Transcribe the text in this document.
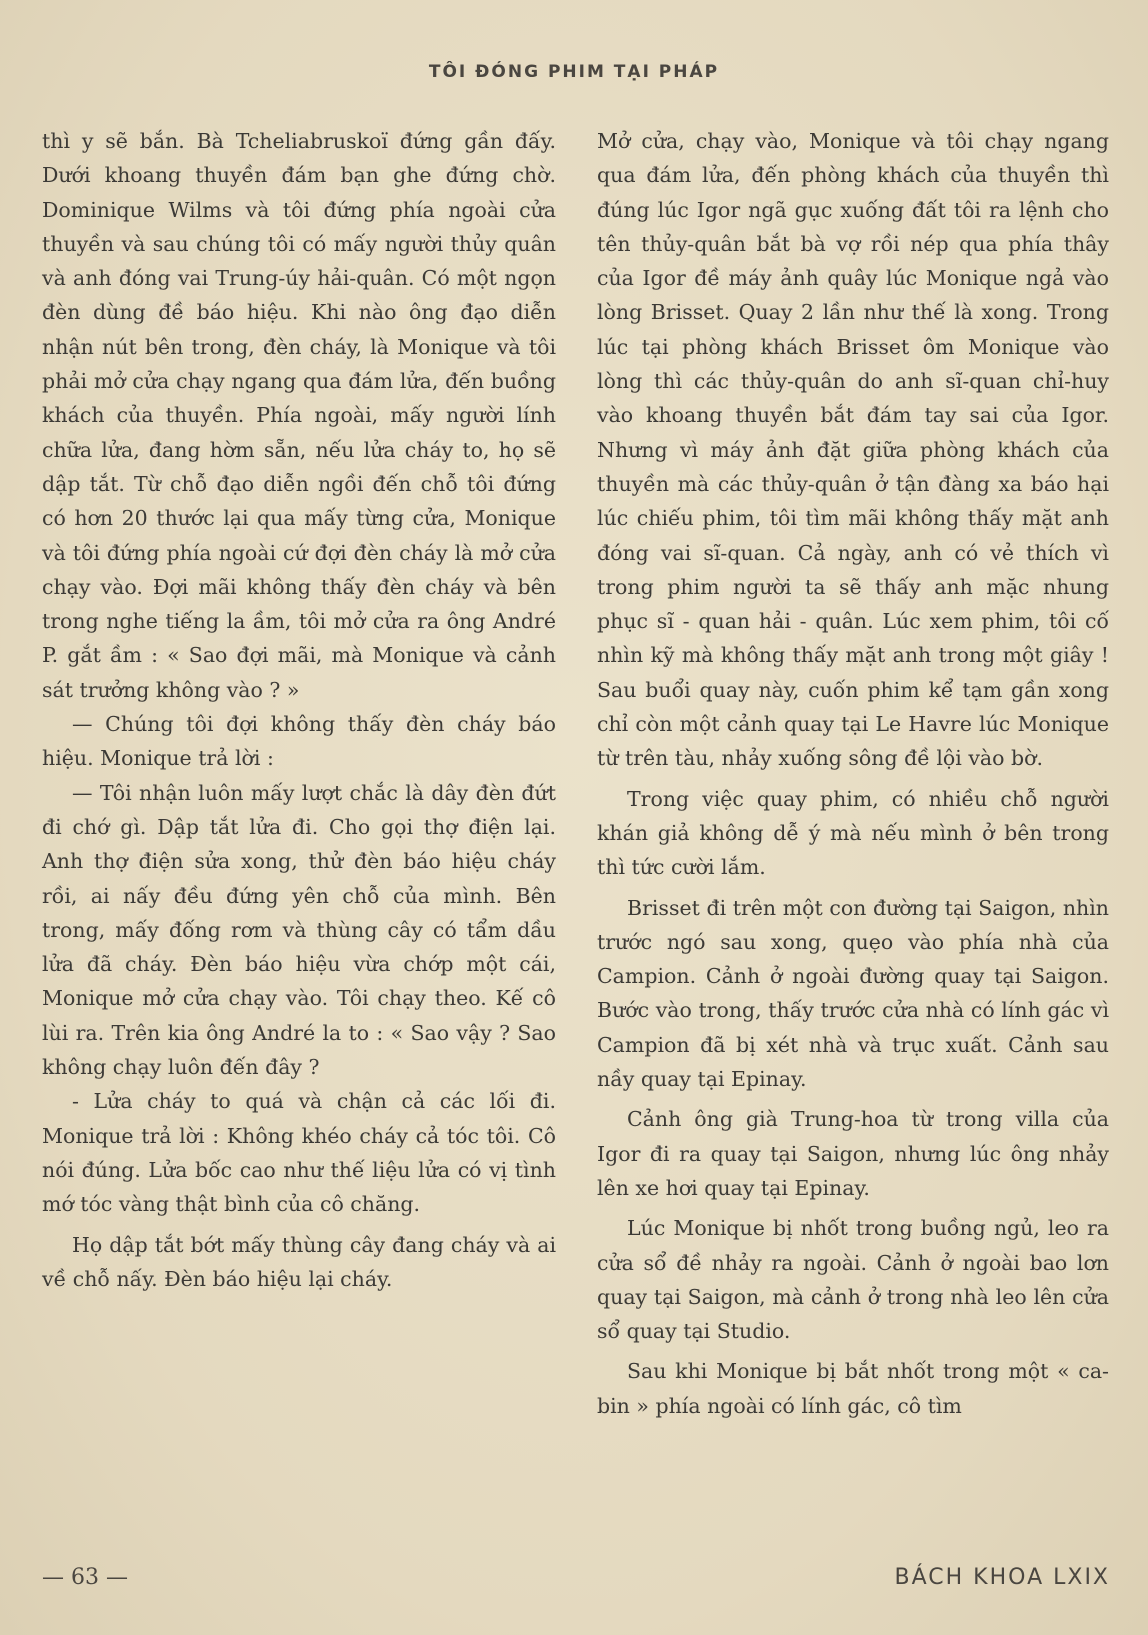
TÔI ĐÓNG PHIM TẠI PHÁP

thì y sẽ bắn. Bà Tcheliabruskoï đứng gần đấy. Dưới khoang thuyền đám bạn ghe đứng chờ. Dominique Wilms và tôi đứng phía ngoài cửa thuyền và sau chúng tôi có mấy người thủy quân và anh đóng vai Trung-úy hải-quân. Có một ngọn đèn dùng đề báo hiệu. Khi nào ông đạo diễn nhận nút bên trong, đèn cháy, là Monique và tôi phải mở cửa chạy ngang qua đám lửa, đến buồng khách của thuyền. Phía ngoài, mấy người lính chữa lửa, đang hờm sẵn, nếu lửa cháy to, họ sẽ dập tắt. Từ chỗ đạo diễn ngồi đến chỗ tôi đứng có hơn 20 thước lại qua mấy từng cửa, Monique và tôi đứng phía ngoài cứ đợi đèn cháy là mở cửa chạy vào. Đợi mãi không thấy đèn cháy và bên trong nghe tiếng la ầm, tôi mở cửa ra ông André P. gắt ầm : « Sao đợi mãi, mà Monique và cảnh sát trưởng không vào ? »

— Chúng tôi đợi không thấy đèn cháy báo hiệu. Monique trả lời :

— Tôi nhận luôn mấy lượt chắc là dây đèn đứt đi chớ gì. Dập tắt lửa đi. Cho gọi thợ điện lại. Anh thợ điện sửa xong, thử đèn báo hiệu cháy rồi, ai nấy đều đứng yên chỗ của mình. Bên trong, mấy đống rơm và thùng cây có tẩm dầu lửa đã cháy. Đèn báo hiệu vừa chớp một cái, Monique mở cửa chạy vào. Tôi chạy theo. Kế cô lùi ra. Trên kia ông André la to : « Sao vậy ? Sao không chạy luôn đến đây ?

- Lửa cháy to quá và chận cả các lối đi. Monique trả lời : Không khéo cháy cả tóc tôi. Cô nói đúng. Lửa bốc cao như thế liệu lửa có vị tình mớ tóc vàng thật bình của cô chăng.

Họ dập tắt bớt mấy thùng cây đang cháy và ai về chỗ nấy. Đèn báo hiệu lại cháy.

Mở cửa, chạy vào, Monique và tôi chạy ngang qua đám lửa, đến phòng khách của thuyền thì đúng lúc Igor ngã gục xuống đất tôi ra lệnh cho tên thủy-quân bắt bà vợ rồi nép qua phía thây của Igor đề máy ảnh quây lúc Monique ngả vào lòng Brisset. Quay 2 lần như thế là xong. Trong lúc tại phòng khách Brisset ôm Monique vào lòng thì các thủy-quân do anh sĩ-quan chỉ-huy vào khoang thuyền bắt đám tay sai của Igor. Nhưng vì máy ảnh đặt giữa phòng khách của thuyền mà các thủy-quân ở tận đàng xa báo hại lúc chiếu phim, tôi tìm mãi không thấy mặt anh đóng vai sĩ-quan. Cả ngày, anh có vẻ thích vì trong phim người ta sẽ thấy anh mặc nhung phục sĩ - quan hải - quân. Lúc xem phim, tôi cố nhìn kỹ mà không thấy mặt anh trong một giây ! Sau buổi quay này, cuốn phim kể tạm gần xong chỉ còn một cảnh quay tại Le Havre lúc Monique từ trên tàu, nhảy xuống sông đề lội vào bờ.

Trong việc quay phim, có nhiều chỗ người khán giả không dễ ý mà nếu mình ở bên trong thì tức cười lắm.

Brisset đi trên một con đường tại Saigon, nhìn trước ngó sau xong, quẹo vào phía nhà của Campion. Cảnh ở ngoài đường quay tại Saigon. Bước vào trong, thấy trước cửa nhà có lính gác vì Campion đã bị xét nhà và trục xuất. Cảnh sau nầy quay tại Epinay.

Cảnh ông già Trung-hoa từ trong villa của Igor đi ra quay tại Saigon, nhưng lúc ông nhảy lên xe hơi quay tại Epinay.

Lúc Monique bị nhốt trong buồng ngủ, leo ra cửa sổ đề nhảy ra ngoài. Cảnh ở ngoài bao lơn quay tại Saigon, mà cảnh ở trong nhà leo lên cửa sổ quay tại Studio.

Sau khi Monique bị bắt nhốt trong một « ca-bin » phía ngoài có lính gác, cô tìm

— 63 —	BÁCH KHOA LXIX
